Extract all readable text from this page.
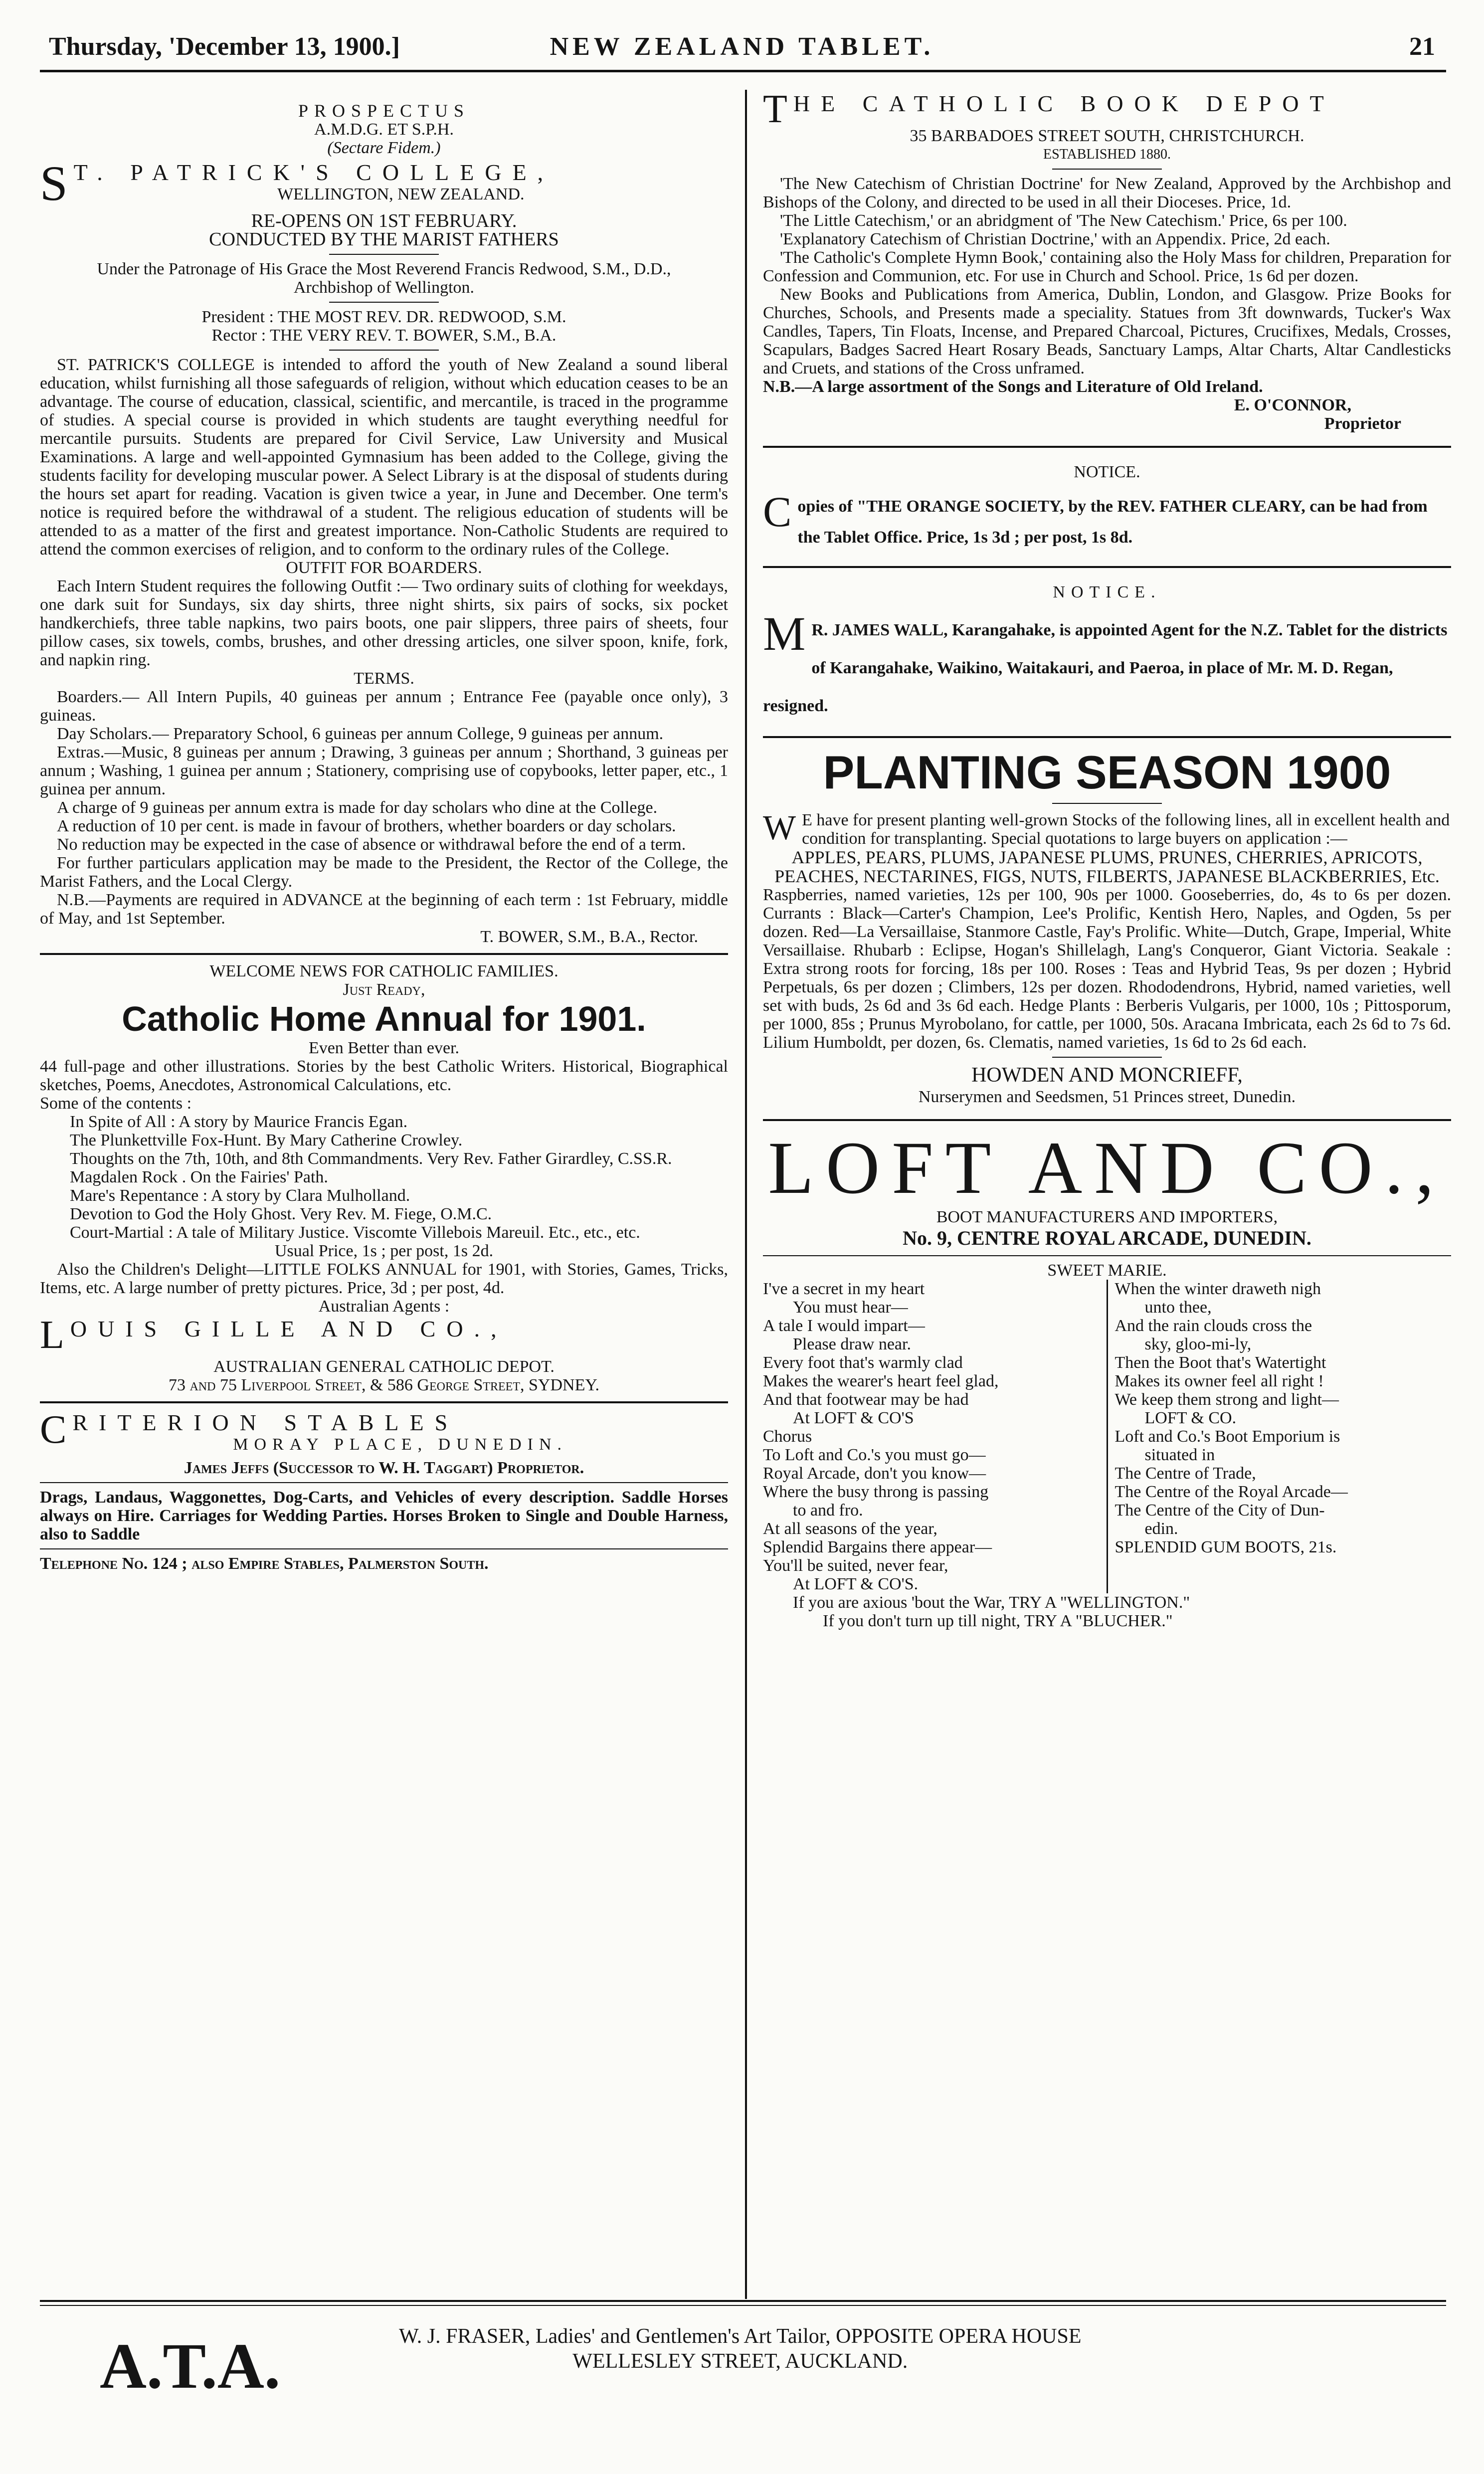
Thursday, 'December 13, 1900.]	NEW ZEALAND TABLET.	21
PROSPECTUS
A.M.D.G. ET S.P.H.
(Sectare Fidem.)
S T. PATRICK'S COLLEGE,
WELLINGTON, NEW ZEALAND.
RE-OPENS ON 1ST FEBRUARY.
CONDUCTED BY THE MARIST FATHERS
Under the Patronage of His Grace the Most Reverend Francis Redwood, S.M., D.D., Archbishop of Wellington.
President : THE MOST REV. DR. REDWOOD, S.M.
Rector : THE VERY REV. T. BOWER, S.M., B.A.

ST. PATRICK'S COLLEGE is intended to afford the youth of New Zealand a sound liberal education, whilst furnishing all those safeguards of religion, without which education ceases to be an advantage. The course of education, classical, scientific, and mercantile, is traced in the programme of studies. A special course is provided in which students are taught everything needful for mercantile pursuits. Students are prepared for Civil Service, Law University and Musical Examinations. A large and well-appointed Gymnasium has been added to the College, giving the students facility for developing muscular power. A Select Library is at the disposal of students during the hours set apart for reading. Vacation is given twice a year, in June and December. One term's notice is required before the withdrawal of a student. The religious education of students will be attended to as a matter of the first and greatest importance. Non-Catholic Students are required to attend the common exercises of religion, and to conform to the ordinary rules of the College.

OUTFIT FOR BOARDERS.

Each Intern Student requires the following Outfit :— Two ordinary suits of clothing for weekdays, one dark suit for Sundays, six day shirts, three night shirts, six pairs of socks, six pocket handkerchiefs, three table napkins, two pairs boots, one pair slippers, three pairs of sheets, four pillow cases, six towels, combs, brushes, and other dressing articles, one silver spoon, knife, fork, and napkin ring.

TERMS.

Boarders.— All Intern Pupils, 40 guineas per annum ; Entrance Fee (payable once only), 3 guineas.

Day Scholars.— Preparatory School, 6 guineas per annum College, 9 guineas per annum.

Extras.—Music, 8 guineas per annum ; Drawing, 3 guineas per annum ; Shorthand, 3 guineas per annum ; Washing, 1 guinea per annum ; Stationery, comprising use of copybooks, letter paper, etc., 1 guinea per annum.

A charge of 9 guineas per annum extra is made for day scholars who dine at the College.

A reduction of 10 per cent. is made in favour of brothers, whether boarders or day scholars.

No reduction may be expected in the case of absence or withdrawal before the end of a term.

For further particulars application may be made to the President, the Rector of the College, the Marist Fathers, and the Local Clergy.

N.B.—Payments are required in ADVANCE at the beginning of each term : 1st February, middle of May, and 1st September.

T. BOWER, S.M., B.A., Rector.
WELCOME NEWS FOR CATHOLIC FAMILIES.
Just Ready,
Catholic Home Annual for 1901.
Even Better than ever.

44 full-page and other illustrations. Stories by the best Catholic Writers. Historical, Biographical sketches, Poems, Anecdotes, Astronomical Calculations, etc.

Some of the contents :
In Spite of All : A story by Maurice Francis Egan.
The Plunkettville Fox-Hunt. By Mary Catherine Crowley.
Thoughts on the 7th, 10th, and 8th Commandments. Very Rev. Father Girardley, C.SS.R.
Magdalen Rock . On the Fairies' Path.
Mare's Repentance : A story by Clara Mulholland.
Devotion to God the Holy Ghost. Very Rev. M. Fiege, O.M.C.
Court-Martial : A tale of Military Justice. Viscomte Villebois Mareuil. Etc., etc., etc.
Usual Price, 1s ; per post, 1s 2d.

Also the Children's Delight—LITTLE FOLKS ANNUAL for 1901, with Stories, Games, Tricks, Items, etc. A large number of pretty pictures. Price, 3d ; per post, 4d.

Australian Agents :
L OUIS GILLE AND CO.,
AUSTRALIAN GENERAL CATHOLIC DEPOT.
73 and 75 Liverpool Street, & 586 George Street, SYDNEY.
C RITERION STABLES
MORAY PLACE, DUNEDIN.
James Jeffs (Successor to W. H. Taggart) Proprietor.

Drags, Landaus, Waggonettes, Dog-Carts, and Vehicles of every description. Saddle Horses always on Hire. Carriages for Wedding Parties. Horses Broken to Single and Double Harness, also to Saddle

Telephone No. 124 ; also Empire Stables, Palmerston South.
T HE CATHOLIC BOOK DEPOT
35 BARBADOES STREET SOUTH, CHRISTCHURCH.
ESTABLISHED 1880.

'The New Catechism of Christian Doctrine' for New Zealand, Approved by the Archbishop and Bishops of the Colony, and directed to be used in all their Dioceses. Price, 1d.

'The Little Catechism,' or an abridgment of 'The New Catechism.' Price, 6s per 100.

'Explanatory Catechism of Christian Doctrine,' with an Appendix. Price, 2d each.

'The Catholic's Complete Hymn Book,' containing also the Holy Mass for children, Preparation for Confession and Communion, etc. For use in Church and School. Price, 1s 6d per dozen.

New Books and Publications from America, Dublin, London, and Glasgow. Prize Books for Churches, Schools, and Presents made a speciality. Statues from 3ft downwards, Tucker's Wax Candles, Tapers, Tin Floats, Incense, and Prepared Charcoal, Pictures, Crucifixes, Medals, Crosses, Scapulars, Badges Sacred Heart Rosary Beads, Sanctuary Lamps, Altar Charts, Altar Candlesticks and Cruets, and stations of the Cross unframed.

N.B.—A large assortment of the Songs and Literature of Old Ireland.
E. O'CONNOR,
Proprietor
NOTICE.
C opies of "THE ORANGE SOCIETY, by the REV. FATHER CLEARY, can be had from the Tablet Office. Price, 1s 3d ; per post, 1s 8d.
NOTICE.
M R. JAMES WALL, Karangahake, is appointed Agent for the N.Z. Tablet for the districts of Karangahake, Waikino, Waitakauri, and Paeroa, in place of Mr. M. D. Regan, resigned.
PLANTING SEASON 1900
W E have for present planting well-grown Stocks of the following lines, all in excellent health and condition for transplanting. Special quotations to large buyers on application :—
APPLES, PEARS, PLUMS, JAPANESE PLUMS, PRUNES, CHERRIES, APRICOTS, PEACHES, NECTARINES, FIGS, NUTS, FILBERTS, JAPANESE BLACKBERRIES, Etc.

Raspberries, named varieties, 12s per 100, 90s per 1000. Gooseberries, do, 4s to 6s per dozen. Currants : Black—Carter's Champion, Lee's Prolific, Kentish Hero, Naples, and Ogden, 5s per dozen. Red—La Versaillaise, Stanmore Castle, Fay's Prolific. White—Dutch, Grape, Imperial, White Versaillaise. Rhubarb : Eclipse, Hogan's Shillelagh, Lang's Conqueror, Giant Victoria. Seakale : Extra strong roots for forcing, 18s per 100. Roses : Teas and Hybrid Teas, 9s per dozen ; Hybrid Perpetuals, 6s per dozen ; Climbers, 12s per dozen. Rhododendrons, Hybrid, named varieties, well set with buds, 2s 6d and 3s 6d each. Hedge Plants : Berberis Vulgaris, per 1000, 10s ; Pittosporum, per 1000, 85s ; Prunus Myrobolano, for cattle, per 1000, 50s. Aracana Imbricata, each 2s 6d to 7s 6d. Lilium Humboldt, per dozen, 6s. Clematis, named varieties, 1s 6d to 2s 6d each.

HOWDEN AND MONCRIEFF,
Nurserymen and Seedsmen, 51 Princes street, Dunedin.
LOFT AND CO.,
BOOT MANUFACTURERS AND IMPORTERS,
No. 9, CENTRE ROYAL ARCADE, DUNEDIN.
SWEET MARIE.
I've a secret in my heart
You must hear—
A tale I would impart—
Please draw near.
Every foot that's warmly clad
Makes the wearer's heart feel glad,
And that footwear may be had
At LOFT & CO'S
Chorus
To Loft and Co.'s you must go—
Royal Arcade, don't you know—
Where the busy throng is passing
to and fro.
At all seasons of the year,
Splendid Bargains there appear—
You'll be suited, never fear,
At LOFT & CO'S.
When the winter draweth nigh
unto thee,
And the rain clouds cross the
sky, gloo-mi-ly,
Then the Boot that's Watertight
Makes its owner feel all right !
We keep them strong and light—
LOFT & CO.
Loft and Co.'s Boot Emporium is
situated in
The Centre of Trade,
The Centre of the Royal Arcade—
The Centre of the City of Dun-
edin.
SPLENDID GUM BOOTS, 21s.
If you are axious 'bout the War, TRY A "WELLINGTON."
If you don't turn up till night, TRY A "BLUCHER."
A.T.A.	W. J. FRASER, Ladies' and Gentlemen's Art Tailor, OPPOSITE OPERA HOUSE
WELLESLEY STREET, AUCKLAND.
